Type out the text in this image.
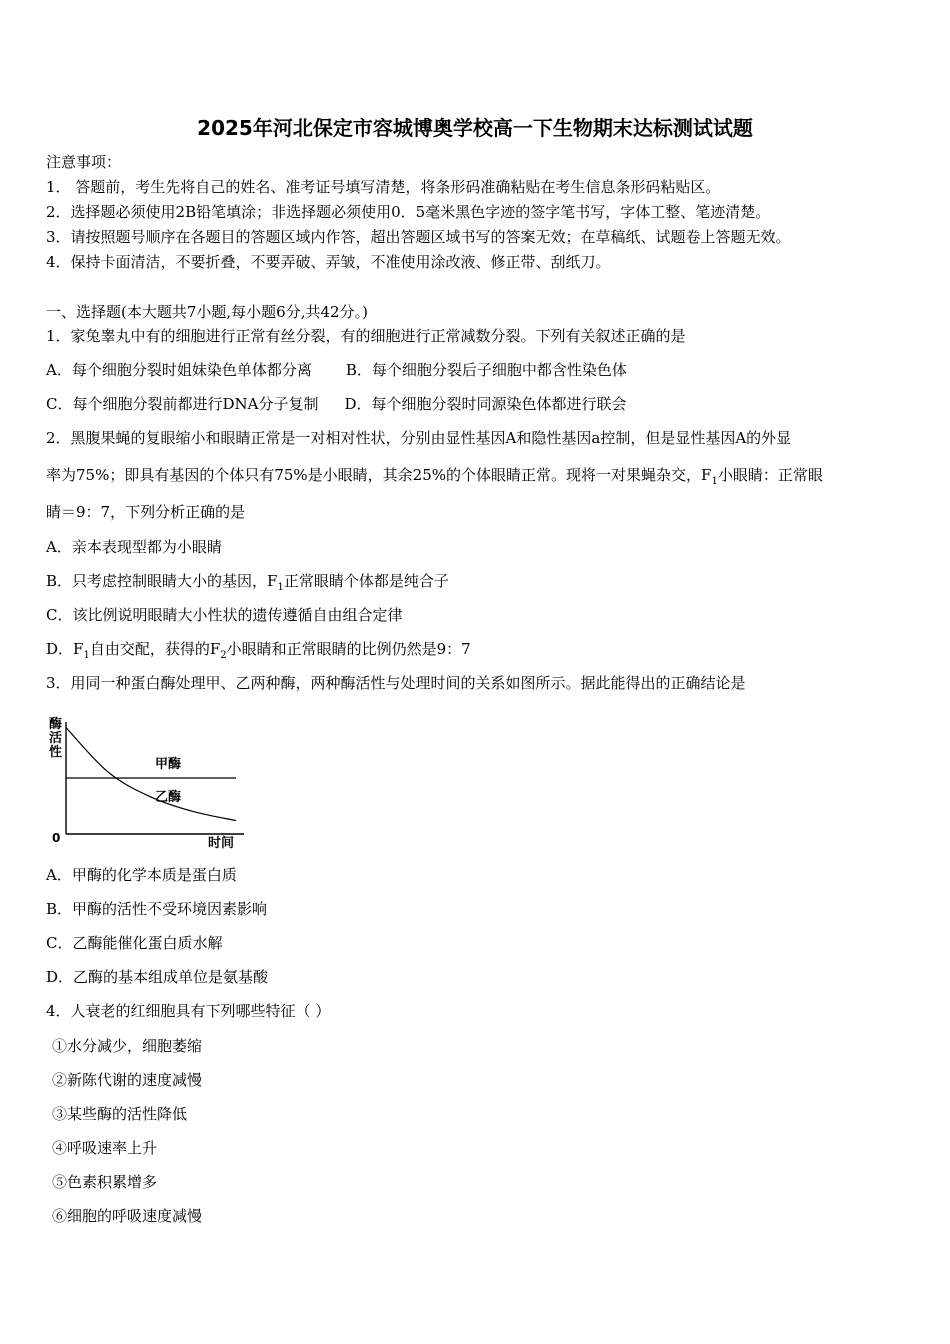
2025年河北保定市容城博奥学校高一下生物期末达标测试试题
注意事项：
1． 答题前，考生先将自己的姓名、准考证号填写清楚，将条形码准确粘贴在考生信息条形码粘贴区。
2．选择题必须使用2B铅笔填涂；非选择题必须使用0．5毫米黑色字迹的签字笔书写，字体工整、笔迹清楚。
3．请按照题号顺序在各题目的答题区域内作答，超出答题区域书写的答案无效；在草稿纸、试题卷上答题无效。
4．保持卡面清洁，不要折叠，不要弄破、弄皱，不准使用涂改液、修正带、刮纸刀。
一、选择题(本大题共7小题,每小题6分,共42分。)
1．家兔睾丸中有的细胞进行正常有丝分裂，有的细胞进行正常减数分裂。下列有关叙述正确的是
A．每个细胞分裂时姐妹染色单体都分离 B．每个细胞分裂后子细胞中都含性染色体
C．每个细胞分裂前都进行DNA分子复制 D．每个细胞分裂时同源染色体都进行联会
2．黑腹果蝇的复眼缩小和眼睛正常是一对相对性状，分别由显性基因A和隐性基因a控制，但是显性基因A的外显
率为75%；即具有基因的个体只有75%是小眼睛，其余25%的个体眼睛正常。现将一对果蝇杂交，$F_1$小眼睛：正常眼
睛＝9：7，下列分析正确的是
A．亲本表现型都为小眼睛
B．只考虑控制眼睛大小的基因，$F_1$正常眼睛个体都是纯合子
C．该比例说明眼睛大小性状的遗传遵循自由组合定律
D．$F_1$自由交配，获得的$F_2$小眼睛和正常眼睛的比例仍然是9：7
3．用同一种蛋白酶处理甲、乙两种酶，两种酶活性与处理时间的关系如图所示。据此能得出的正确结论是
酶
活
性
0	时间
甲酶
乙酶
A．甲酶的化学本质是蛋白质
B．甲酶的活性不受环境因素影响
C．乙酶能催化蛋白质水解
D．乙酶的基本组成单位是氨基酸
4．人衰老的红细胞具有下列哪些特征（ ）
①水分减少，细胞萎缩
②新陈代谢的速度减慢
③某些酶的活性降低
④呼吸速率上升
⑤色素积累增多
⑥细胞的呼吸速度减慢
